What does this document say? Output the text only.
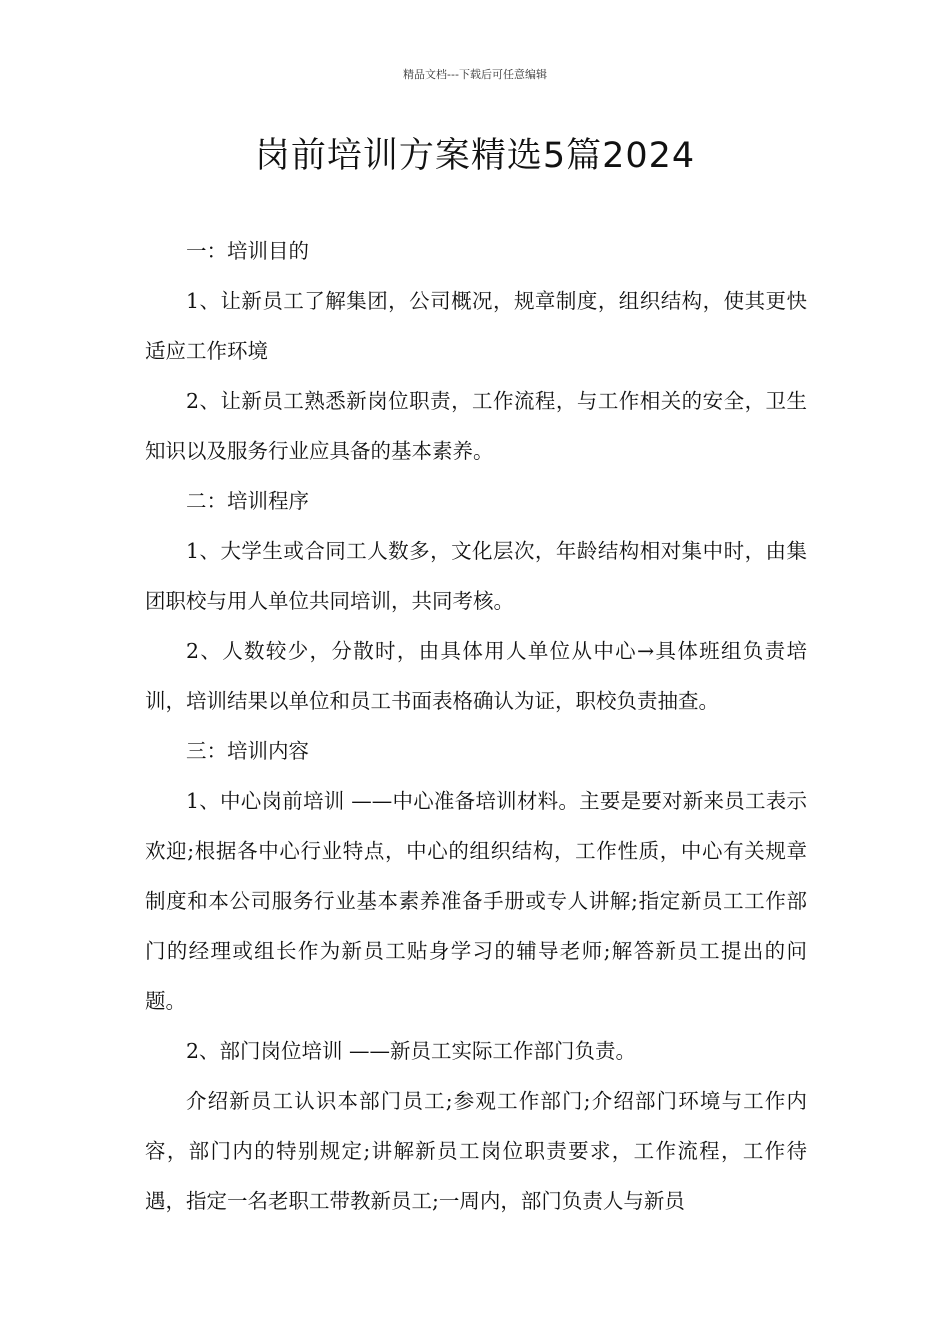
精品文档---下载后可任意编辑
岗前培训方案精选5篇2024

一：培训目的

1、让新员工了解集团，公司概况，规章制度，组织结构，使其更快适应工作环境

2、让新员工熟悉新岗位职责，工作流程，与工作相关的安全，卫生知识以及服务行业应具备的基本素养。

二：培训程序

1、大学生或合同工人数多，文化层次，年龄结构相对集中时，由集团职校与用人单位共同培训，共同考核。

2、人数较少，分散时，由具体用人单位从中心→具体班组负责培训，培训结果以单位和员工书面表格确认为证，职校负责抽查。

三：培训内容

1、中心岗前培训 ——中心准备培训材料。主要是要对新来员工表示欢迎;根据各中心行业特点，中心的组织结构，工作性质，中心有关规章制度和本公司服务行业基本素养准备手册或专人讲解;指定新员工工作部门的经理或组长作为新员工贴身学习的辅导老师;解答新员工提出的问题。

2、部门岗位培训 ——新员工实际工作部门负责。

介绍新员工认识本部门员工;参观工作部门;介绍部门环境与工作内容，部门内的特别规定;讲解新员工岗位职责要求，工作流程，工作待遇，指定一名老职工带教新员工;一周内，部门负责人与新员
